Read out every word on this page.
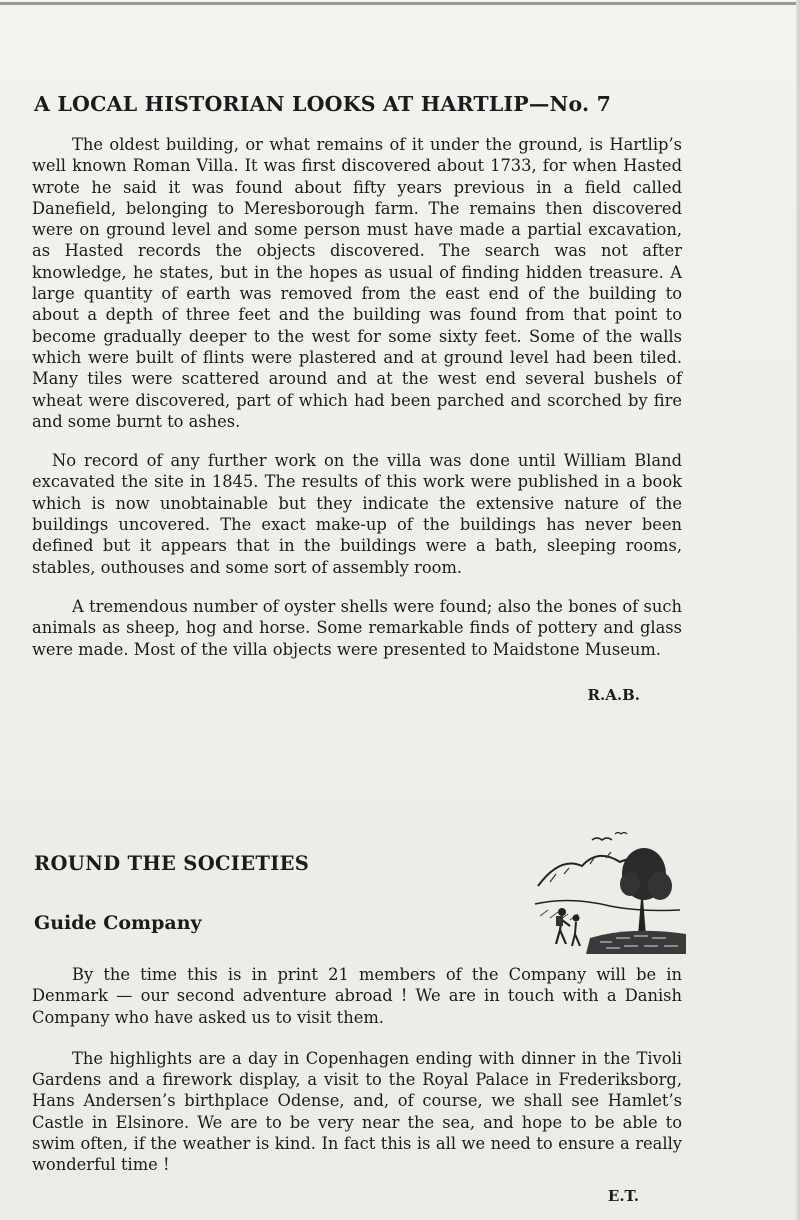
A LOCAL HISTORIAN LOOKS AT HARTLIP—No. 7

The oldest building, or what remains of it under the ground, is Hartlip’s well known Roman Villa. It was first discovered about 1733, for when Hasted wrote he said it was found about fifty years previous in a field called Danefield, belonging to Meresborough farm. The remains then discovered were on ground level and some person must have made a partial excavation, as Hasted records the objects discovered. The search was not after knowledge, he states, but in the hopes as usual of finding hidden treasure. A large quantity of earth was removed from the east end of the building to about a depth of three feet and the building was found from that point to become gradually deeper to the west for some sixty feet. Some of the walls which were built of flints were plastered and at ground level had been tiled. Many tiles were scattered around and at the west end several bushels of wheat were discovered, part of which had been parched and scorched by fire and some burnt to ashes.

No record of any further work on the villa was done until William Bland excavated the site in 1845. The results of this work were published in a book which is now unobtainable but they indicate the extensive nature of the buildings uncovered. The exact make-up of the buildings has never been defined but it appears that in the buildings were a bath, sleeping rooms, stables, outhouses and some sort of assembly room.

A tremendous number of oyster shells were found; also the bones of such animals as sheep, hog and horse. Some remarkable finds of pottery and glass were made. Most of the villa objects were presented to Maidstone Museum.

R.A.B.
ROUND THE SOCIETIES
Guide Company

By the time this is in print 21 members of the Company will be in Denmark — our second adventure abroad ! We are in touch with a Danish Company who have asked us to visit them.

The highlights are a day in Copenhagen ending with dinner in the Tivoli Gardens and a firework display, a visit to the Royal Palace in Frederiksborg, Hans Andersen’s birthplace Odense, and, of course, we shall see Hamlet’s Castle in Elsinore. We are to be very near the sea, and hope to be able to swim often, if the weather is kind. In fact this is all we need to ensure a really wonderful time !

E.T.
